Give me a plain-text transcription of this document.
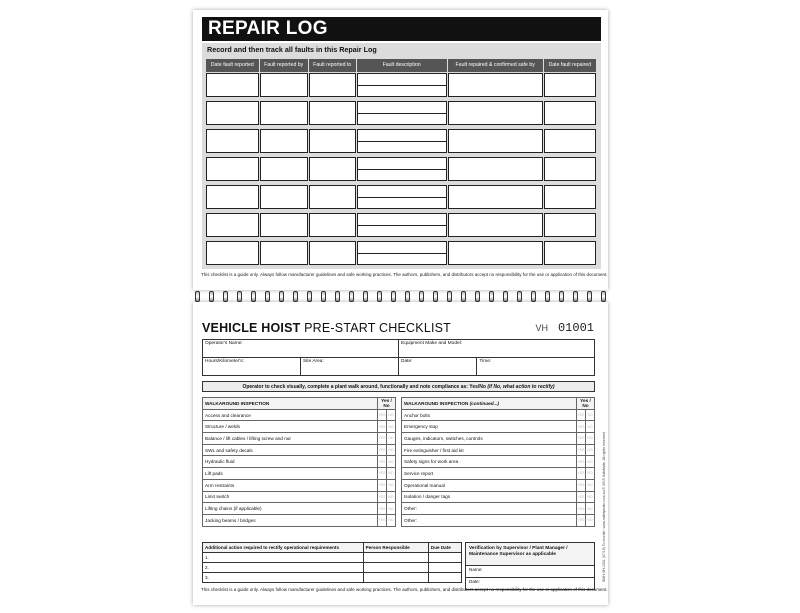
REPAIR LOG
Record and then track all faults in this Repair Log
Date fault reported	Fault reported by	Fault reported to	Fault description	Fault repaired & confirmed safe by	Date fault repaired

This checklist is a guide only. Always follow manufacturer guidelines and safe working practices. The authors, publishers, and distributors accept no responsibility for the use or application of this document.
VEHICLE HOIST PRE-START CHECKLIST	VH 01001
Operator's Name:		Equipment Make and Model:	
Hours/Kilometer's:	Site Area:	Date:	Time:
Operator to check visually, complete a plant walk around, functionally and note compliance as: Yes/No (if No, what action to rectify)
WALKAROUND INSPECTION	Yes / No	
Access and clearance	YES	NO
Structure / welds	YES	NO
Balance / lift cables / lifting screw and nut	YES	NO
SWL and safety decals	YES	NO
Hydraulic fluid	YES	NO
Lift pads	YES	NO
Arm restraints	YES	NO
Limit switch	YES	NO
Lifting chains (if applicable)	YES	NO
Jacking beams / bridges	YES	NO
WALKAROUND INSPECTION (continued...)	Yes / No	
Anchor bolts	YES	NO
Emergency stop	YES	NO
Gauges, indicators, switches, controls	YES	NO
Fire extinguisher / first aid kit	YES	NO
Safety signs for work area	YES	NO
Service report	YES	NO
Operational manual	YES	NO
Isolation / danger tags	YES	NO
Other:	YES	NO
Other:	YES	NO
Additional action required to rectify operational requirements	Person Responsible	Due Date
1.		
2.		
3.		
Verification by Supervisor / Plant Manager / Maintenance Supervisor as applicable
Name:
Date:	SMH-VH-1001 (07/19) To reorder: www.safetymate.com.au © 2019 SafeMate. All rights reserved.
This checklist is a guide only. Always follow manufacturer guidelines and safe working practices. The authors, publishers, and distributors accept no responsibility for the use or application of this document.
